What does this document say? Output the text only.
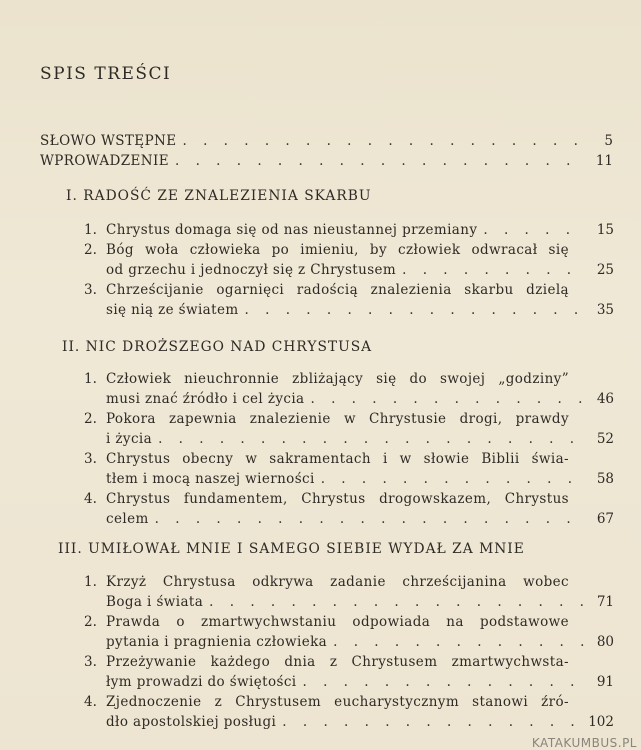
SPIS TREŚCI
SŁOWO WSTĘPNE . . .	5
WPROWADZENIE . . .	11
I. RADOŚĆ ZE ZNALEZIENIA SKARBU
1. Chrystus domaga się od nas nieustannej przemiany . . .	15
2. Bóg woła człowieka po imieniu, by człowiek odwracał się
od grzechu i jednoczył się z Chrystusem . . .	25
3. Chrześcijanie ogarnięci radością znalezienia skarbu dzielą
się nią ze światem . . .	35
II. NIC DROŻSZEGO NAD CHRYSTUSA
1. Człowiek nieuchronnie zbliżający się do swojej „godziny”
musi znać źródło i cel życia . . .	46
2. Pokora zapewnia znalezienie w Chrystusie drogi, prawdy
i życia . . .	52
3. Chrystus obecny w sakramentach i w słowie Biblii świa-
tłem i mocą naszej wierności . . .	58
4. Chrystus fundamentem, Chrystus drogowskazem, Chrystus
celem . . .	67
III. UMIŁOWAŁ MNIE I SAMEGO SIEBIE WYDAŁ ZA MNIE
1. Krzyż Chrystusa odkrywa zadanie chrześcijanina wobec
Boga i świata . . .	71
2. Prawda o zmartwychwstaniu odpowiada na podstawowe
pytania i pragnienia człowieka . . .	80
3. Przeżywanie każdego dnia z Chrystusem zmartwychwsta-
łym prowadzi do świętości . . .	91
4. Zjednoczenie z Chrystusem eucharystycznym stanowi źró-
dło apostolskiej posługi . . .	102
KATAKUMBUS.PL
